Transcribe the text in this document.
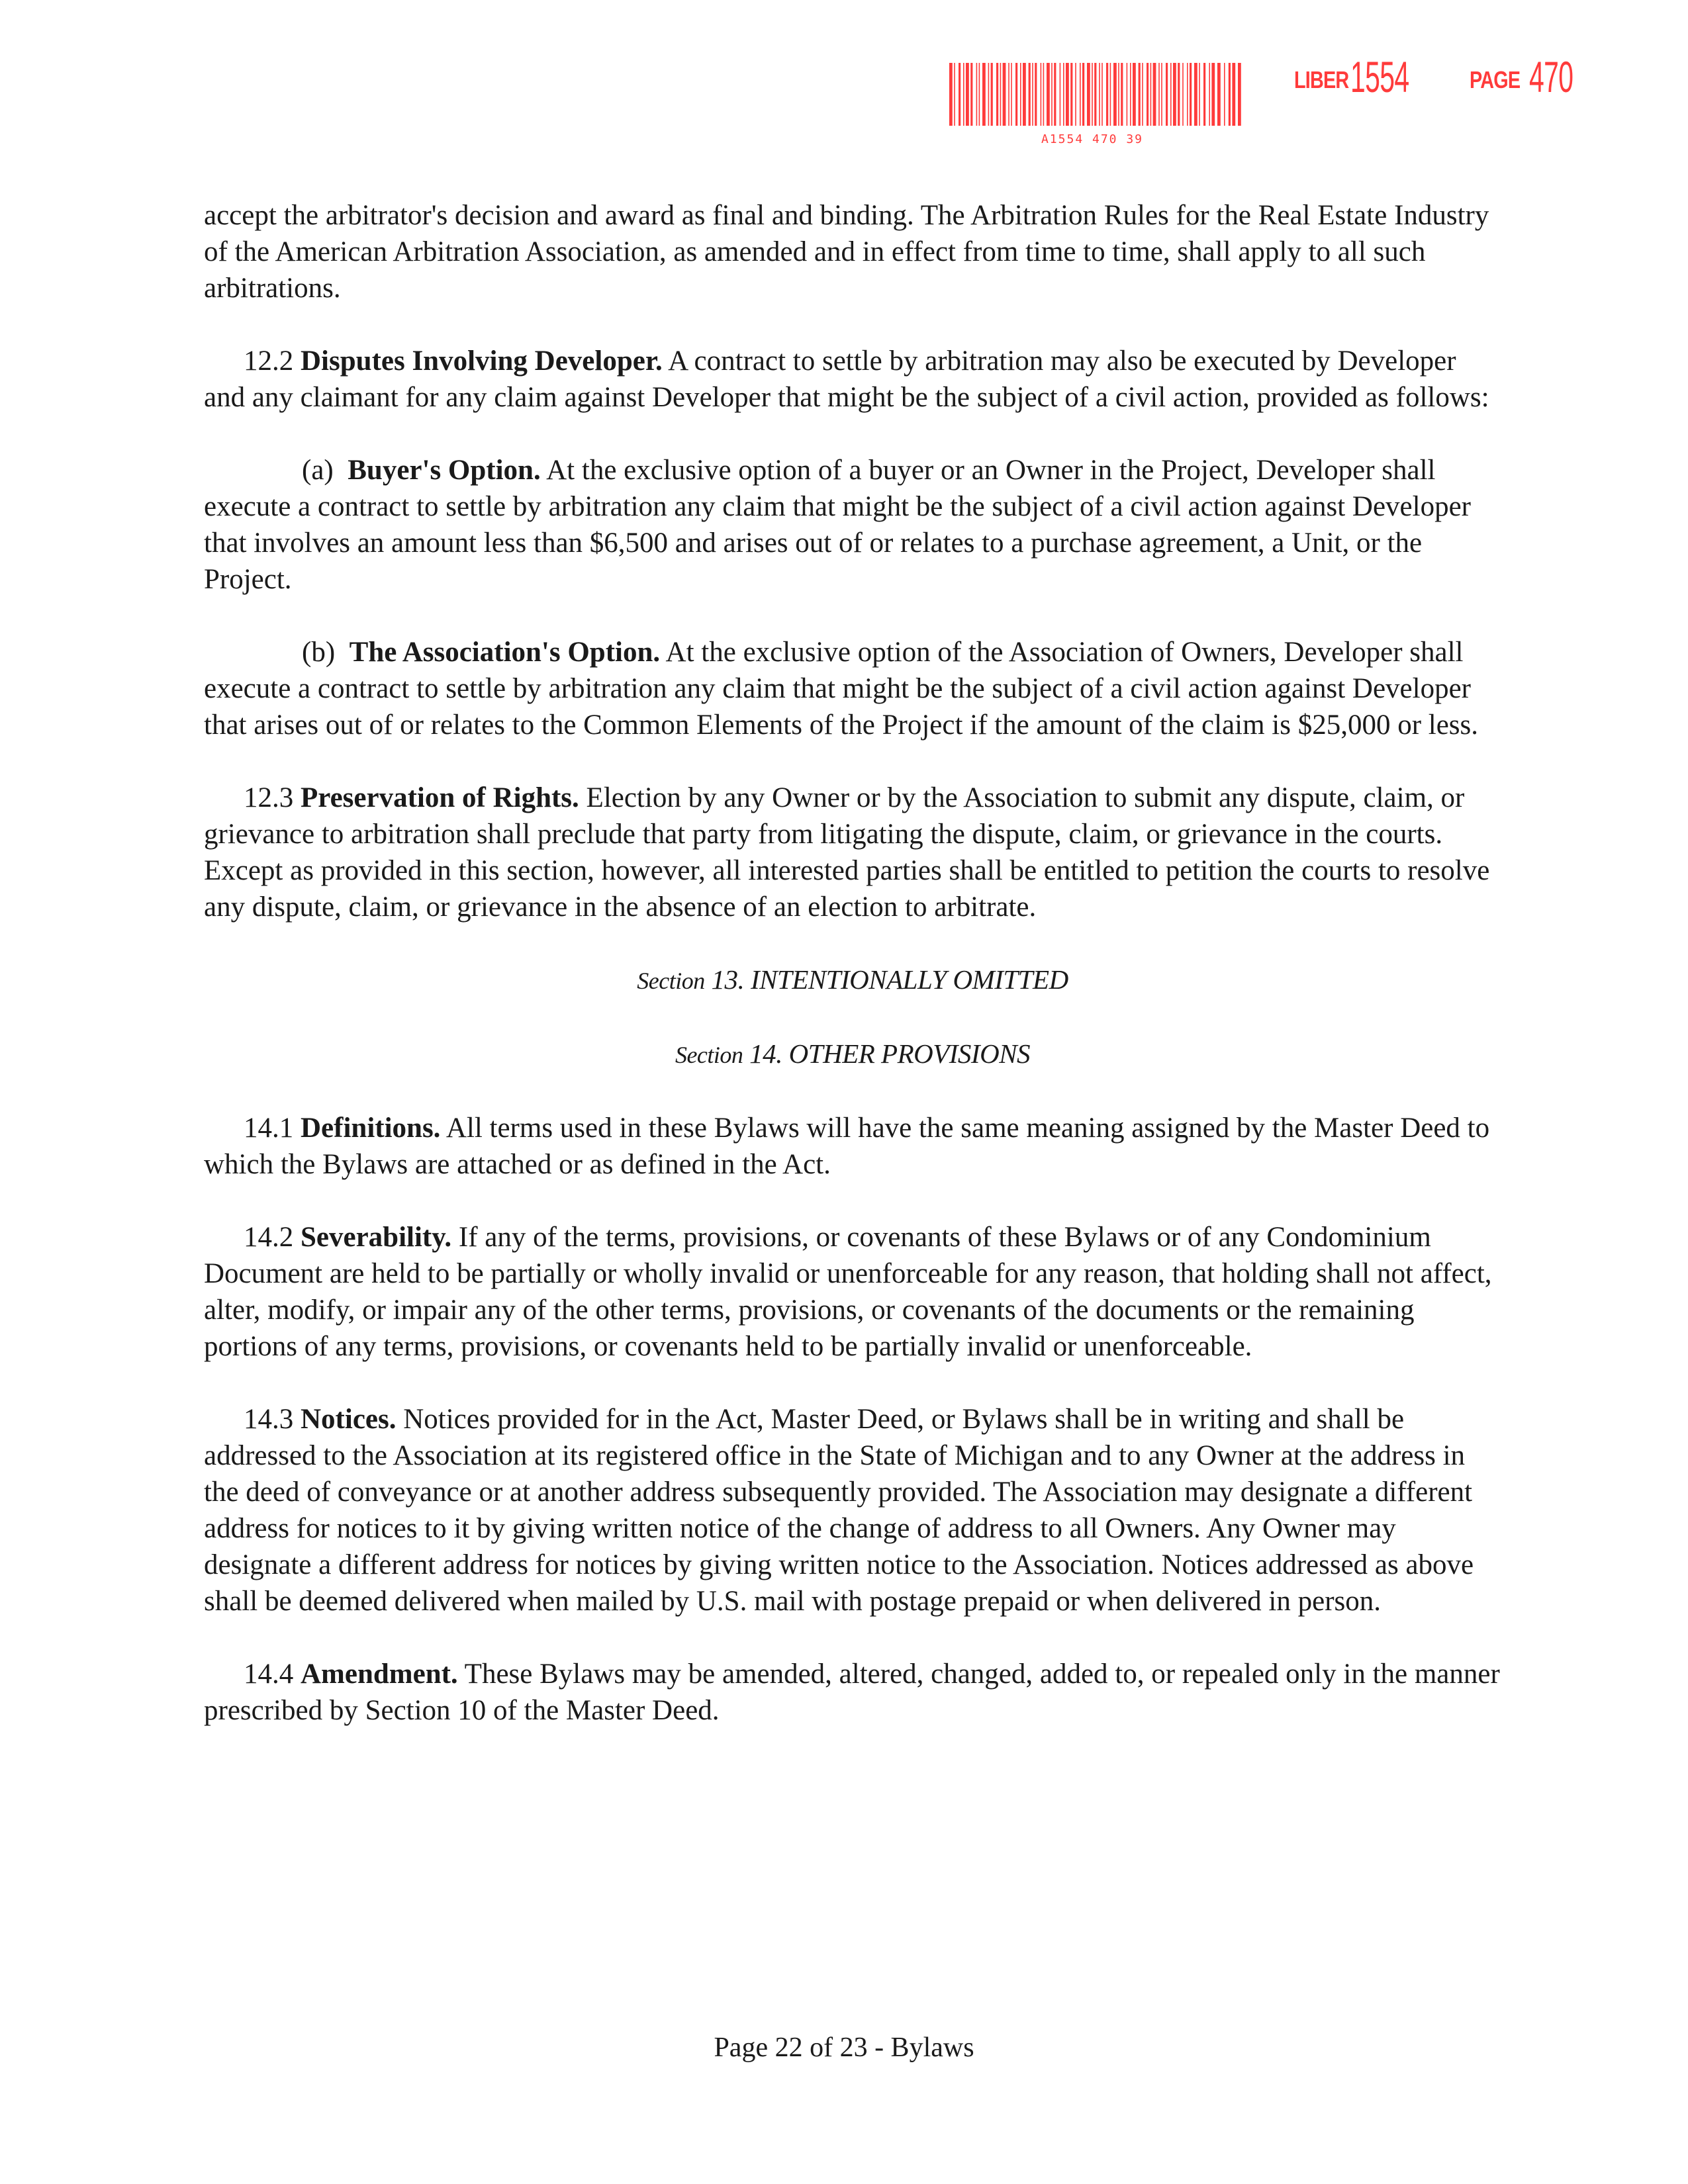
A1554 470 39
LIBER 1554	PAGE 470

accept the arbitrator's decision and award as final and binding. The Arbitration Rules for the Real Estate Industry of the American Arbitration Association, as amended and in effect from time to time, shall apply to all such arbitrations.

12.2 Disputes Involving Developer. A contract to settle by arbitration may also be executed by Developer and any claimant for any claim against Developer that might be the subject of a civil action, provided as follows:

(a) Buyer's Option. At the exclusive option of a buyer or an Owner in the Project, Developer shall execute a contract to settle by arbitration any claim that might be the subject of a civil action against Developer that involves an amount less than $6,500 and arises out of or relates to a purchase agreement, a Unit, or the Project.

(b) The Association's Option. At the exclusive option of the Association of Owners, Developer shall execute a contract to settle by arbitration any claim that might be the subject of a civil action against Developer that arises out of or relates to the Common Elements of the Project if the amount of the claim is $25,000 or less.

12.3 Preservation of Rights. Election by any Owner or by the Association to submit any dispute, claim, or grievance to arbitration shall preclude that party from litigating the dispute, claim, or grievance in the courts. Except as provided in this section, however, all interested parties shall be entitled to petition the courts to resolve any dispute, claim, or grievance in the absence of an election to arbitrate.

Section 13. INTENTIONALLY OMITTED

Section 14. OTHER PROVISIONS

14.1 Definitions. All terms used in these Bylaws will have the same meaning assigned by the Master Deed to which the Bylaws are attached or as defined in the Act.

14.2 Severability. If any of the terms, provisions, or covenants of these Bylaws or of any Condominium Document are held to be partially or wholly invalid or unenforceable for any reason, that holding shall not affect, alter, modify, or impair any of the other terms, provisions, or covenants of the documents or the remaining portions of any terms, provisions, or covenants held to be partially invalid or unenforceable.

14.3 Notices. Notices provided for in the Act, Master Deed, or Bylaws shall be in writing and shall be addressed to the Association at its registered office in the State of Michigan and to any Owner at the address in the deed of conveyance or at another address subsequently provided. The Association may designate a different address for notices to it by giving written notice of the change of address to all Owners. Any Owner may designate a different address for notices by giving written notice to the Association. Notices addressed as above shall be deemed delivered when mailed by U.S. mail with postage prepaid or when delivered in person.

14.4 Amendment. These Bylaws may be amended, altered, changed, added to, or repealed only in the manner prescribed by Section 10 of the Master Deed.

Page 22 of 23 - Bylaws
